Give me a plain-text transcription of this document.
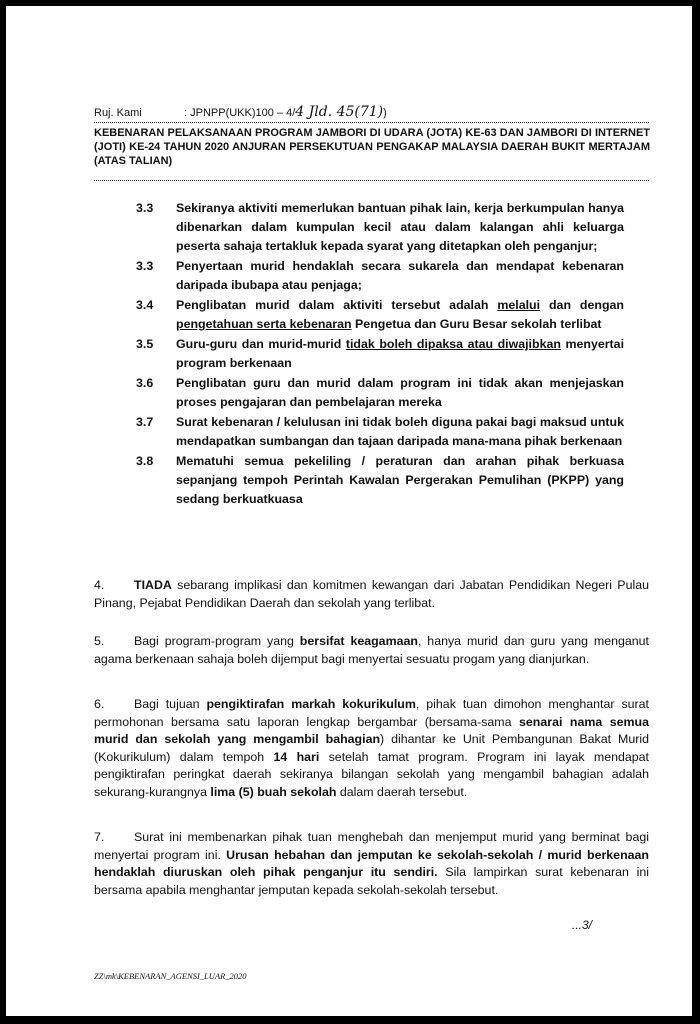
Ruj. Kami	: JPNPP(UKK)100 – 4/4 Jld. 45(71))
KEBENARAN PELAKSANAAN PROGRAM JAMBORI DI UDARA (JOTA) KE-63 DAN JAMBORI DI INTERNET (JOTI) KE-24 TAHUN 2020 ANJURAN PERSEKUTUAN PENGAKAP MALAYSIA DAERAH BUKIT MERTAJAM (ATAS TALIAN)
3.3	Sekiranya aktiviti memerlukan bantuan pihak lain, kerja berkumpulan hanya dibenarkan dalam kumpulan kecil atau dalam kalangan ahli keluarga peserta sahaja tertakluk kepada syarat yang ditetapkan oleh penganjur;
3.3	Penyertaan murid hendaklah secara sukarela dan mendapat kebenaran daripada ibubapa atau penjaga;
3.4	Penglibatan murid dalam aktiviti tersebut adalah melalui dan dengan pengetahuan serta kebenaran Pengetua dan Guru Besar sekolah terlibat
3.5	Guru-guru dan murid-murid tidak boleh dipaksa atau diwajibkan menyertai program berkenaan
3.6	Penglibatan guru dan murid dalam program ini tidak akan menjejaskan proses pengajaran dan pembelajaran mereka
3.7	Surat kebenaran / kelulusan ini tidak boleh diguna pakai bagi maksud untuk mendapatkan sumbangan dan tajaan daripada mana-mana pihak berkenaan
3.8	Mematuhi semua pekeliling / peraturan dan arahan pihak berkuasa sepanjang tempoh Perintah Kawalan Pergerakan Pemulihan (PKPP) yang sedang berkuatkuasa
4. TIADA sebarang implikasi dan komitmen kewangan dari Jabatan Pendidikan Negeri Pulau Pinang, Pejabat Pendidikan Daerah dan sekolah yang terlibat.
5. Bagi program-program yang bersifat keagamaan, hanya murid dan guru yang menganut agama berkenaan sahaja boleh dijemput bagi menyertai sesuatu progam yang dianjurkan.
6. Bagi tujuan pengiktirafan markah kokurikulum, pihak tuan dimohon menghantar surat permohonan bersama satu laporan lengkap bergambar (bersama-sama senarai nama semua murid dan sekolah yang mengambil bahagian) dihantar ke Unit Pembangunan Bakat Murid (Kokurikulum) dalam tempoh 14 hari setelah tamat program. Program ini layak mendapat pengiktirafan peringkat daerah sekiranya bilangan sekolah yang mengambil bahagian adalah sekurang-kurangnya lima (5) buah sekolah dalam daerah tersebut.
7. Surat ini membenarkan pihak tuan menghebah dan menjemput murid yang berminat bagi menyertai program ini. Urusan hebahan dan jemputan ke sekolah-sekolah / murid berkenaan hendaklah diuruskan oleh pihak penganjur itu sendiri. Sila lampirkan surat kebenaran ini bersama apabila menghantar jemputan kepada sekolah-sekolah tersebut.
...3/
ZZ\mk\KEBENARAN_AGENSI_LUAR_2020
